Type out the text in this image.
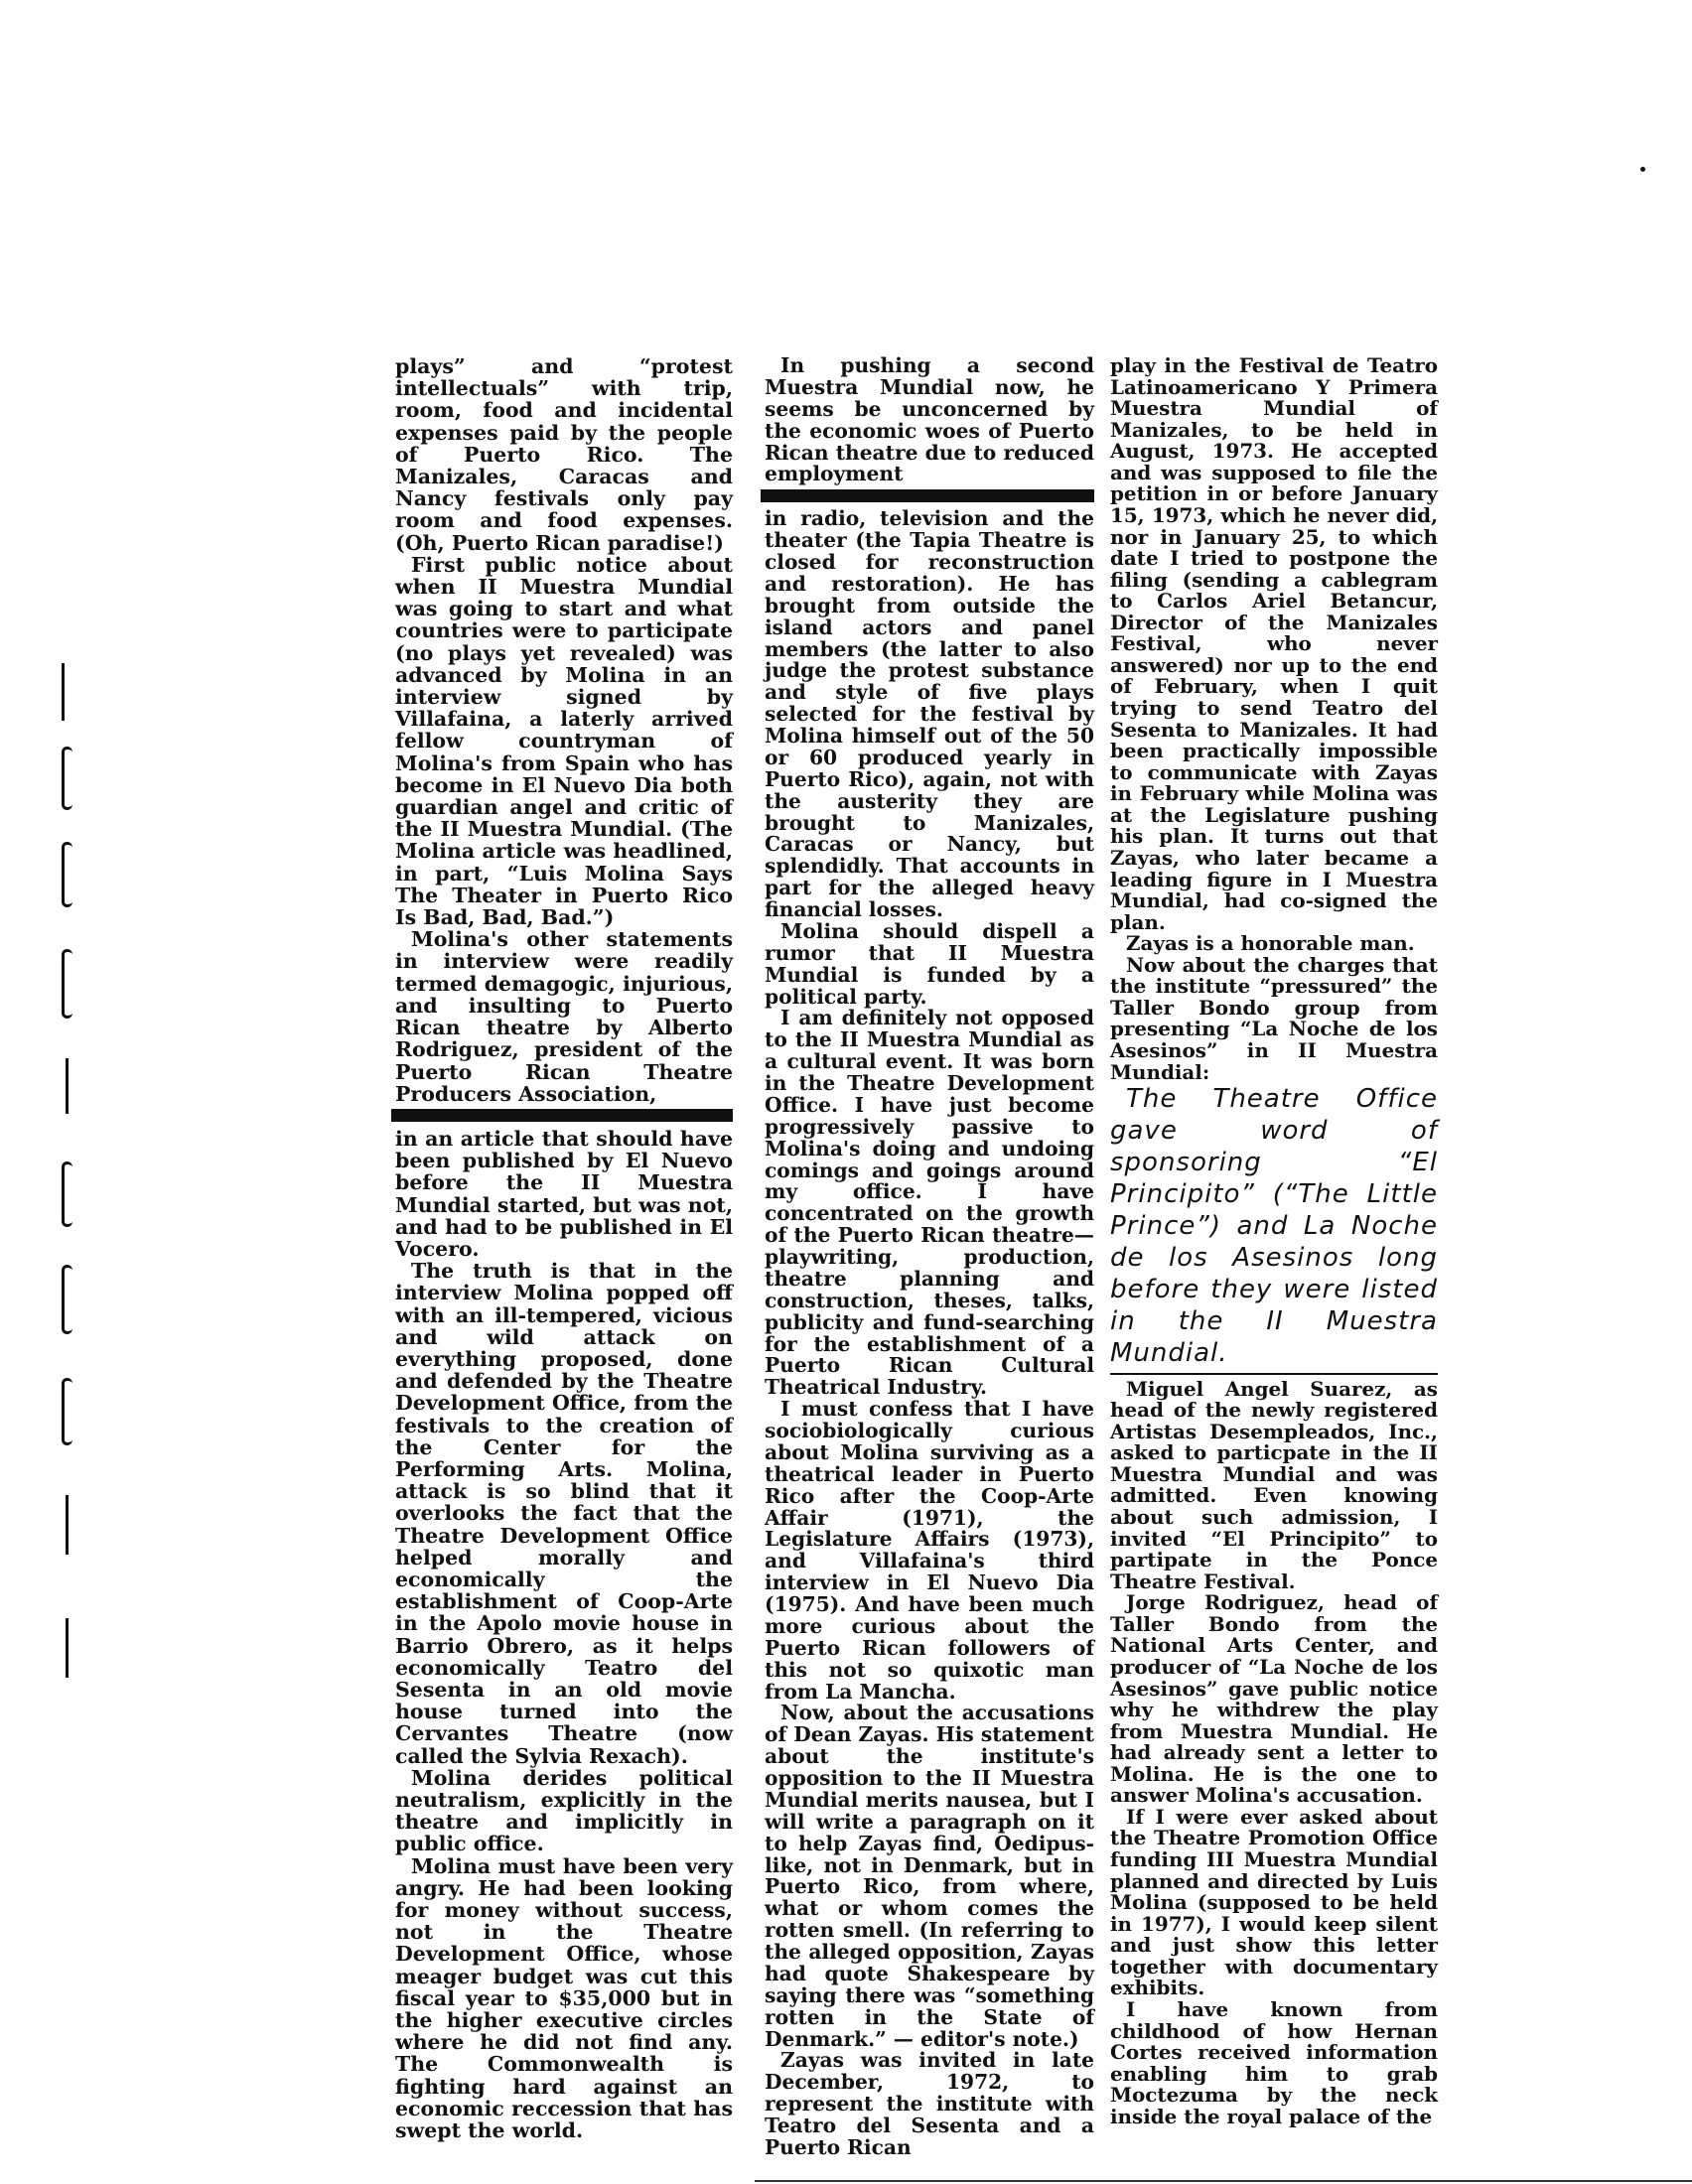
plays” and “protest intellectuals” with trip, room, food and incidental expenses paid by the people of Puerto Rico. The Manizales, Caracas and Nancy festivals only pay room and food expenses. (Oh, Puerto Rican paradise!)

First public notice about when II Muestra Mundial was going to start and what countries were to participate (no plays yet revealed) was advanced by Molina in an interview signed by Villafaina, a laterly arrived fellow countryman of Molina's from Spain who has become in El Nuevo Dia both guardian angel and critic of the II Muestra Mundial. (The Molina article was headlined, in part, “Luis Molina Says The Theater in Puerto Rico Is Bad, Bad, Bad.”)

Molina's other statements in interview were readily termed demagogic, injurious, and insulting to Puerto Rican theatre by Alberto Rodriguez, president of the Puerto Rican Theatre Producers Association,

in an article that should have been published by El Nuevo before the II Muestra Mundial started, but was not, and had to be published in El Vocero.

The truth is that in the interview Molina popped off with an ill-tempered, vicious and wild attack on everything proposed, done and defended by the Theatre Development Office, from the festivals to the creation of the Center for the Performing Arts. Molina, attack is so blind that it overlooks the fact that the Theatre Development Office helped morally and economically the establishment of Coop-Arte in the Apolo movie house in Barrio Obrero, as it helps economically Teatro del Sesenta in an old movie house turned into the Cervantes Theatre (now called the Sylvia Rexach).

Molina derides political neutralism, explicitly in the theatre and implicitly in public office.

Molina must have been very angry. He had been looking for money without success, not in the Theatre Development Office, whose meager budget was cut this fiscal year to $35,000 but in the higher executive circles where he did not find any. The Commonwealth is fighting hard against an economic reccession that has swept the world.

In pushing a second Muestra Mundial now, he seems be unconcerned by the economic woes of Puerto Rican theatre due to reduced employment

in radio, television and the theater (the Tapia Theatre is closed for reconstruction and restoration). He has brought from outside the island actors and panel members (the latter to also judge the protest substance and style of five plays selected for the festival by Molina himself out of the 50 or 60 produced yearly in Puerto Rico), again, not with the austerity they are brought to Manizales, Caracas or Nancy, but splendidly. That accounts in part for the alleged heavy financial losses.

Molina should dispell a rumor that II Muestra Mundial is funded by a political party.

I am definitely not opposed to the II Muestra Mundial as a cultural event. It was born in the Theatre Development Office. I have just become progressively passive to Molina's doing and undoing comings and goings around my office. I have concentrated on the growth of the Puerto Rican theatre—playwriting, production, theatre planning and construction, theses, talks, publicity and fund-searching for the establishment of a Puerto Rican Cultural Theatrical Industry.

I must confess that I have sociobiologically curious about Molina surviving as a theatrical leader in Puerto Rico after the Coop-Arte Affair (1971), the Legislature Affairs (1973), and Villafaina's third interview in El Nuevo Dia (1975). And have been much more curious about the Puerto Rican followers of this not so quixotic man from La Mancha.

Now, about the accusations of Dean Zayas. His statement about the institute's opposition to the II Muestra Mundial merits nausea, but I will write a paragraph on it to help Zayas find, Oedipus-like, not in Denmark, but in Puerto Rico, from where, what or whom comes the rotten smell. (In referring to the alleged opposition, Zayas had quote Shakespeare by saying there was “something rotten in the State of Denmark.” — editor's note.)

Zayas was invited in late December, 1972, to represent the institute with Teatro del Sesenta and a Puerto Rican

play in the Festival de Teatro Latinoamericano Y Primera Muestra Mundial of Manizales, to be held in August, 1973. He accepted and was supposed to file the petition in or before January 15, 1973, which he never did, nor in January 25, to which date I tried to postpone the filing (sending a cablegram to Carlos Ariel Betancur, Director of the Manizales Festival, who never answered) nor up to the end of February, when I quit trying to send Teatro del Sesenta to Manizales. It had been practically impossible to communicate with Zayas in February while Molina was at the Legislature pushing his plan. It turns out that Zayas, who later became a leading figure in I Muestra Mundial, had co-signed the plan.

Zayas is a honorable man.

Now about the charges that the institute “pressured” the Taller Bondo group from presenting “La Noche de los Asesinos” in II Muestra Mundial:

The Theatre Office gave word of sponsoring “El Principito” (“The Little Prince”) and La Noche de los Asesinos long before they were listed in the II Muestra Mundial.

Miguel Angel Suarez, as head of the newly registered Artistas Desempleados, Inc., asked to particpate in the II Muestra Mundial and was admitted. Even knowing about such admission, I invited “El Principito” to partipate in the Ponce Theatre Festival.

Jorge Rodriguez, head of Taller Bondo from the National Arts Center, and producer of “La Noche de los Asesinos” gave public notice why he withdrew the play from Muestra Mundial. He had already sent a letter to Molina. He is the one to answer Molina's accusation.

If I were ever asked about the Theatre Promotion Office funding III Muestra Mundial planned and directed by Luis Molina (supposed to be held in 1977), I would keep silent and just show this letter together with documentary exhibits.

I have known from childhood of how Hernan Cortes received information enabling him to grab Moctezuma by the neck inside the royal palace of the
